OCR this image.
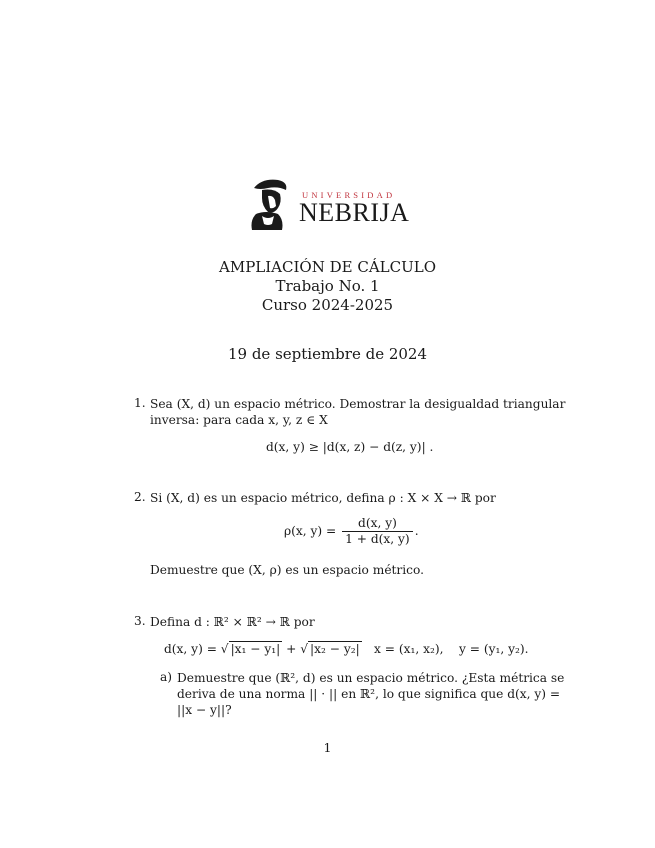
UNIVERSIDAD
NEBRIJA
AMPLIACIÓN DE CÁLCULO
Trabajo No. 1
Curso 2024-2025
19 de septiembre de 2024
1. Sea (X, d) un espacio métrico. Demostrar la desigualdad triangular
inversa: para cada x, y, z ∈ X
d(x, y) ≥ |d(x, z) − d(z, y)| .
2. Si (X, d) es un espacio métrico, defina ρ : X × X → ℝ por
ρ(x, $y) = \frac{d(x, y)}{1 + d(x, y)}$ .
Demuestre que (X, ρ) es un espacio métrico.
3. Defina d : ℝ² × ℝ² → ℝ por
d(x, y) = √ |x₁ − y₁| + √ |x₂ − y₂| x = (x₁, x₂),    y = (y₁, y₂).
a) Demuestre que (ℝ², d) es un espacio métrico. ¿Esta métrica se
deriva de una norma || · || en ℝ², lo que significa que d(x, y) =
||x − y||?
1
